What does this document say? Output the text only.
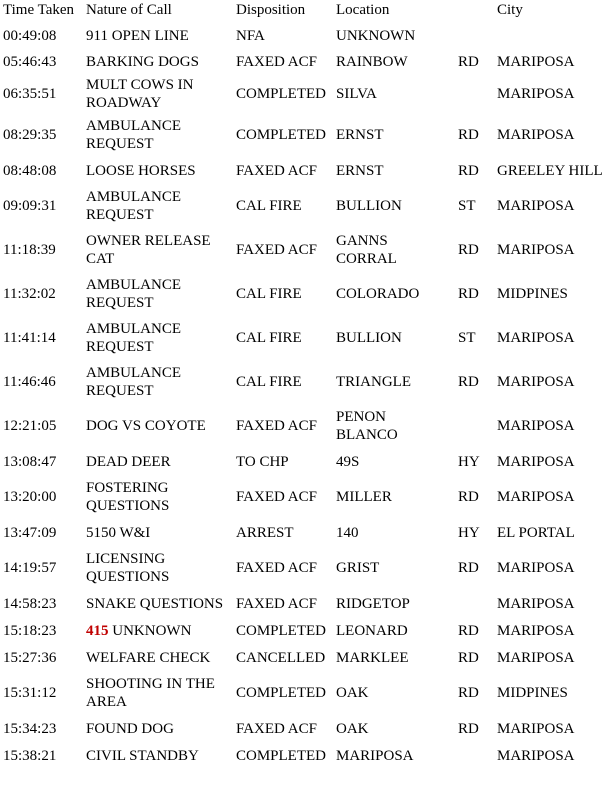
Time Taken	Nature of Call	Disposition	Location		City
00:49:08	911 OPEN LINE	NFA	UNKNOWN		
05:46:43	BARKING DOGS	FAXED ACF	RAINBOW	RD	MARIPOSA
06:35:51	MULT COWS IN
ROADWAY	COMPLETED	SILVA		MARIPOSA
08:29:35	AMBULANCE
REQUEST	COMPLETED	ERNST	RD	MARIPOSA
08:48:08	LOOSE HORSES	FAXED ACF	ERNST	RD	GREELEY HILL
09:09:31	AMBULANCE
REQUEST	CAL FIRE	BULLION	ST	MARIPOSA
11:18:39	OWNER RELEASE
CAT	FAXED ACF	GANNS
CORRAL	RD	MARIPOSA
11:32:02	AMBULANCE
REQUEST	CAL FIRE	COLORADO	RD	MIDPINES
11:41:14	AMBULANCE
REQUEST	CAL FIRE	BULLION	ST	MARIPOSA
11:46:46	AMBULANCE
REQUEST	CAL FIRE	TRIANGLE	RD	MARIPOSA
12:21:05	DOG VS COYOTE	FAXED ACF	PENON
BLANCO		MARIPOSA
13:08:47	DEAD DEER	TO CHP	49S	HY	MARIPOSA
13:20:00	FOSTERING
QUESTIONS	FAXED ACF	MILLER	RD	MARIPOSA
13:47:09	5150 W&I	ARREST	140	HY	EL PORTAL
14:19:57	LICENSING
QUESTIONS	FAXED ACF	GRIST	RD	MARIPOSA
14:58:23	SNAKE QUESTIONS	FAXED ACF	RIDGETOP		MARIPOSA
15:18:23	415 UNKNOWN	COMPLETED	LEONARD	RD	MARIPOSA
15:27:36	WELFARE CHECK	CANCELLED	MARKLEE	RD	MARIPOSA
15:31:12	SHOOTING IN THE
AREA	COMPLETED	OAK	RD	MIDPINES
15:34:23	FOUND DOG	FAXED ACF	OAK	RD	MARIPOSA
15:38:21	CIVIL STANDBY	COMPLETED	MARIPOSA		MARIPOSA
